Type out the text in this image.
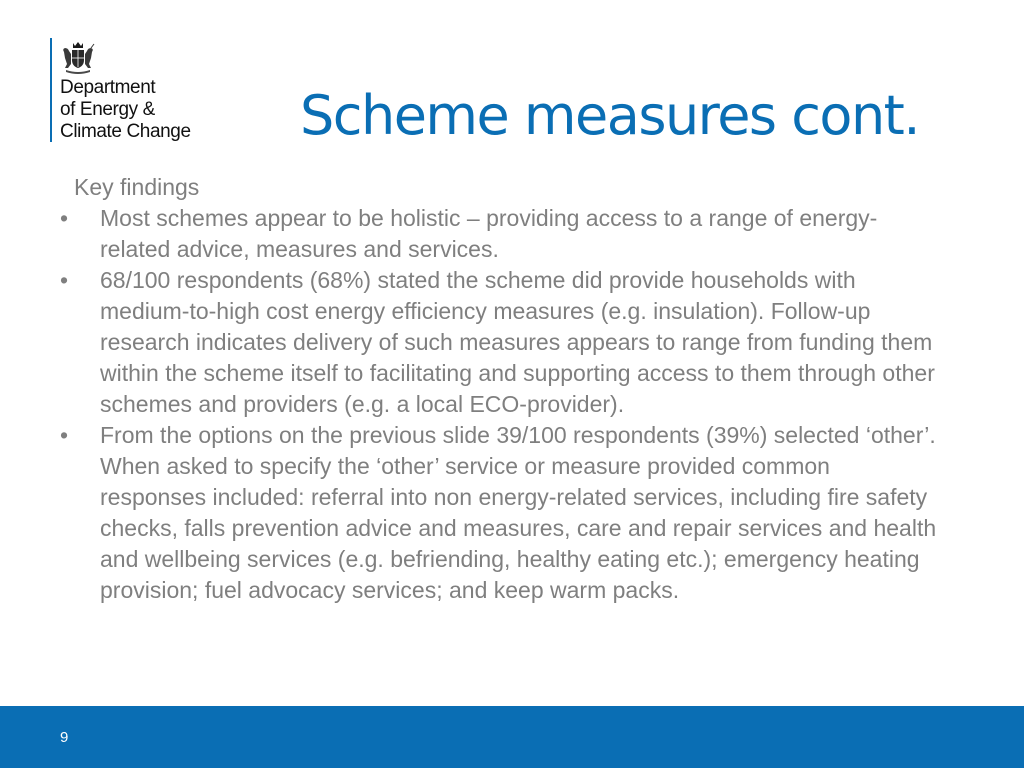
Department
of Energy &
Climate Change Scheme measures cont.
Key findings
• Most schemes appear to be holistic – providing access to a range of energy-related advice, measures and services.
• 68/100 respondents (68%) stated the scheme did provide households with medium-to-high cost energy efficiency measures (e.g. insulation). Follow-up research indicates delivery of such measures appears to range from funding them within the scheme itself to facilitating and supporting access to them through other schemes and providers (e.g. a local ECO-provider).
• From the options on the previous slide 39/100 respondents (39%) selected ‘other’. When asked to specify the ‘other’ service or measure provided common responses included: referral into non energy-related services, including fire safety checks, falls prevention advice and measures, care and repair services and health and wellbeing services (e.g. befriending, healthy eating etc.); emergency heating provision; fuel advocacy services; and keep warm packs.
9
